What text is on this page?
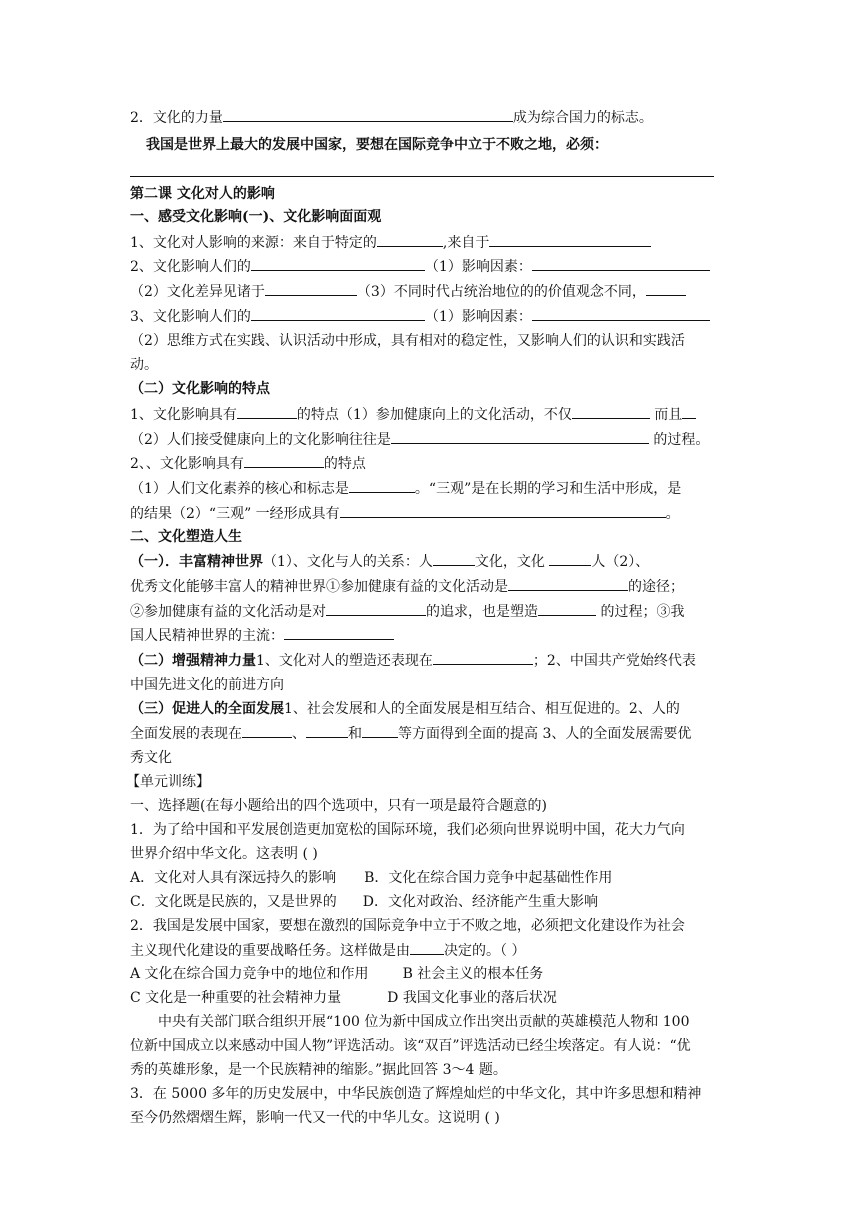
2．文化的力量	成为综合国力的标志。
我国是世界上最大的发展中国家，要想在国际竞争中立于不败之地，必须：
第二课 文化对人的影响
一、感受文化影响(一)、文化影响面面观
1、文化对人影响的来源：来自于特定的	,来自于
2、文化影响人们的	（1）影响因素：
（2）文化差异见诸于	（3）不同时代占统治地位的的价值观念不同，
3、文化影响人们的	（1）影响因素：
（2）思维方式在实践、认识活动中形成，具有相对的稳定性，又影响人们的认识和实践活
动。
（二）文化影响的特点
1、文化影响具有	的特点（1）参加健康向上的文化活动，不仅	而且
（2）人们接受健康向上的文化影响往往是	的过程。
2、、文化影响具有	的特点
（1）人们文化素养的核心和标志是	。“三观”是在长期的学习和生活中形成，是
的结果（2）“三观” 一经形成具有	。
二、文化塑造人生
（一）．丰富精神世界（1）、文化与人的关系：人	文化，文化	人（2）、
优秀文化能够丰富人的精神世界①参加健康有益的文化活动是	的途径；
②参加健康有益的文化活动是对	的追求，也是塑造	的过程；③我
国人民精神世界的主流：
（二）增强精神力量1、文化对人的塑造还表现在	；2、中国共产党始终代表
中国先进文化的前进方向
（三）促进人的全面发展1、社会发展和人的全面发展是相互结合、相互促进的。2、人的
全面发展的表现在	、	和	等方面得到全面的提高 3、人的全面发展需要优
秀文化
【单元训练】
一、选择题(在每小题给出的四个选项中，只有一项是最符合题意的)
1．为了给中国和平发展创造更加宽松的国际环境，我们必须向世界说明中国，花大力气向
世界介绍中华文化。这表明 ( )
A．文化对人具有深远持久的影响 B．文化在综合国力竞争中起基础性作用
C．文化既是民族的，又是世界的 D．文化对政治、经济能产生重大影响
2．我国是发展中国家，要想在激烈的国际竞争中立于不败之地，必须把文化建设作为社会
主义现代化建设的重要战略任务。这样做是由 决定的。（ ）
A 文化在综合国力竞争中的地位和作用 B 社会主义的根本任务
C 文化是一种重要的社会精神力量	D 我国文化事业的落后状况
中央有关部门联合组织开展“100 位为新中国成立作出突出贡献的英雄模范人物和 100
位新中国成立以来感动中国人物”评选活动。该“双百”评选活动已经尘埃落定。有人说：“优
秀的英雄形象，是一个民族精神的缩影。”据此回答 3～4 题。
3．在 5000 多年的历史发展中，中华民族创造了辉煌灿烂的中华文化，其中许多思想和精神
至今仍然熠熠生辉，影响一代又一代的中华儿女。这说明 ( )
